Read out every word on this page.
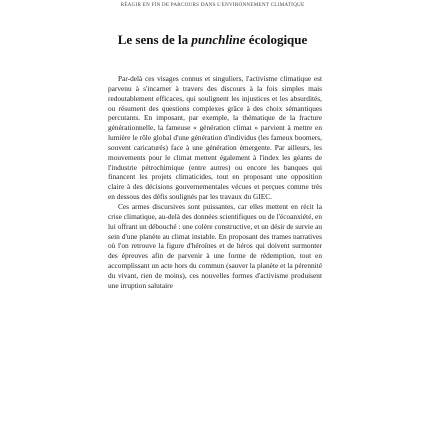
RÉAGIR EN FIN DE PARCOURS DANS L'ENVIRONNEMENT CLIMATIQUE
Le sens de la punchline écologique

Par-delà ces visages connus et singuliers, l'activisme climatique est parvenu à s'incarner à travers des discours à la fois simples mais redoutablement efficaces, qui soulignent les injustices et les absurdités, ou résument des questions complexes grâce à des choix sémantiques percutants. En imposant, par exemple, la thématique de la fracture générationnelle, la fameuse « génération climat » parvient à mettre en lumière le rôle global d'une génération d'individus (les fameux boomers, souvent caricaturés) face à une génération émergente. Par ailleurs, les mouvements pour le climat mettent également à l'index les géants de l'industrie pétrochimique (entre autres) ou encore les banques qui financent les projets climaticides, tout en proposant une opposition claire à des décisions gouvernementales vécues et perçues comme très en dessous des défis soulignés par les travaux du GIEC.

Ces armes discursives sont puissantes, car elles mettent en récit la crise climatique, au-delà des données scientifiques ou de l'écoanxiété, en lui offrant un débouché : une colère constructive, et un désir de survie au sein d'une planète au climat instable. En proposant des trames narratives où l'on retrouve la figure d'héroïnes et de héros qui doivent surmonter des épreuves afin de parvenir à une forme de rédemption, tout en accomplissant un acte hors du commun (sauver la planète et la pérennité du vivant, rien de moins), ces nouvelles formes d'activisme produisent une irruption salutaire
